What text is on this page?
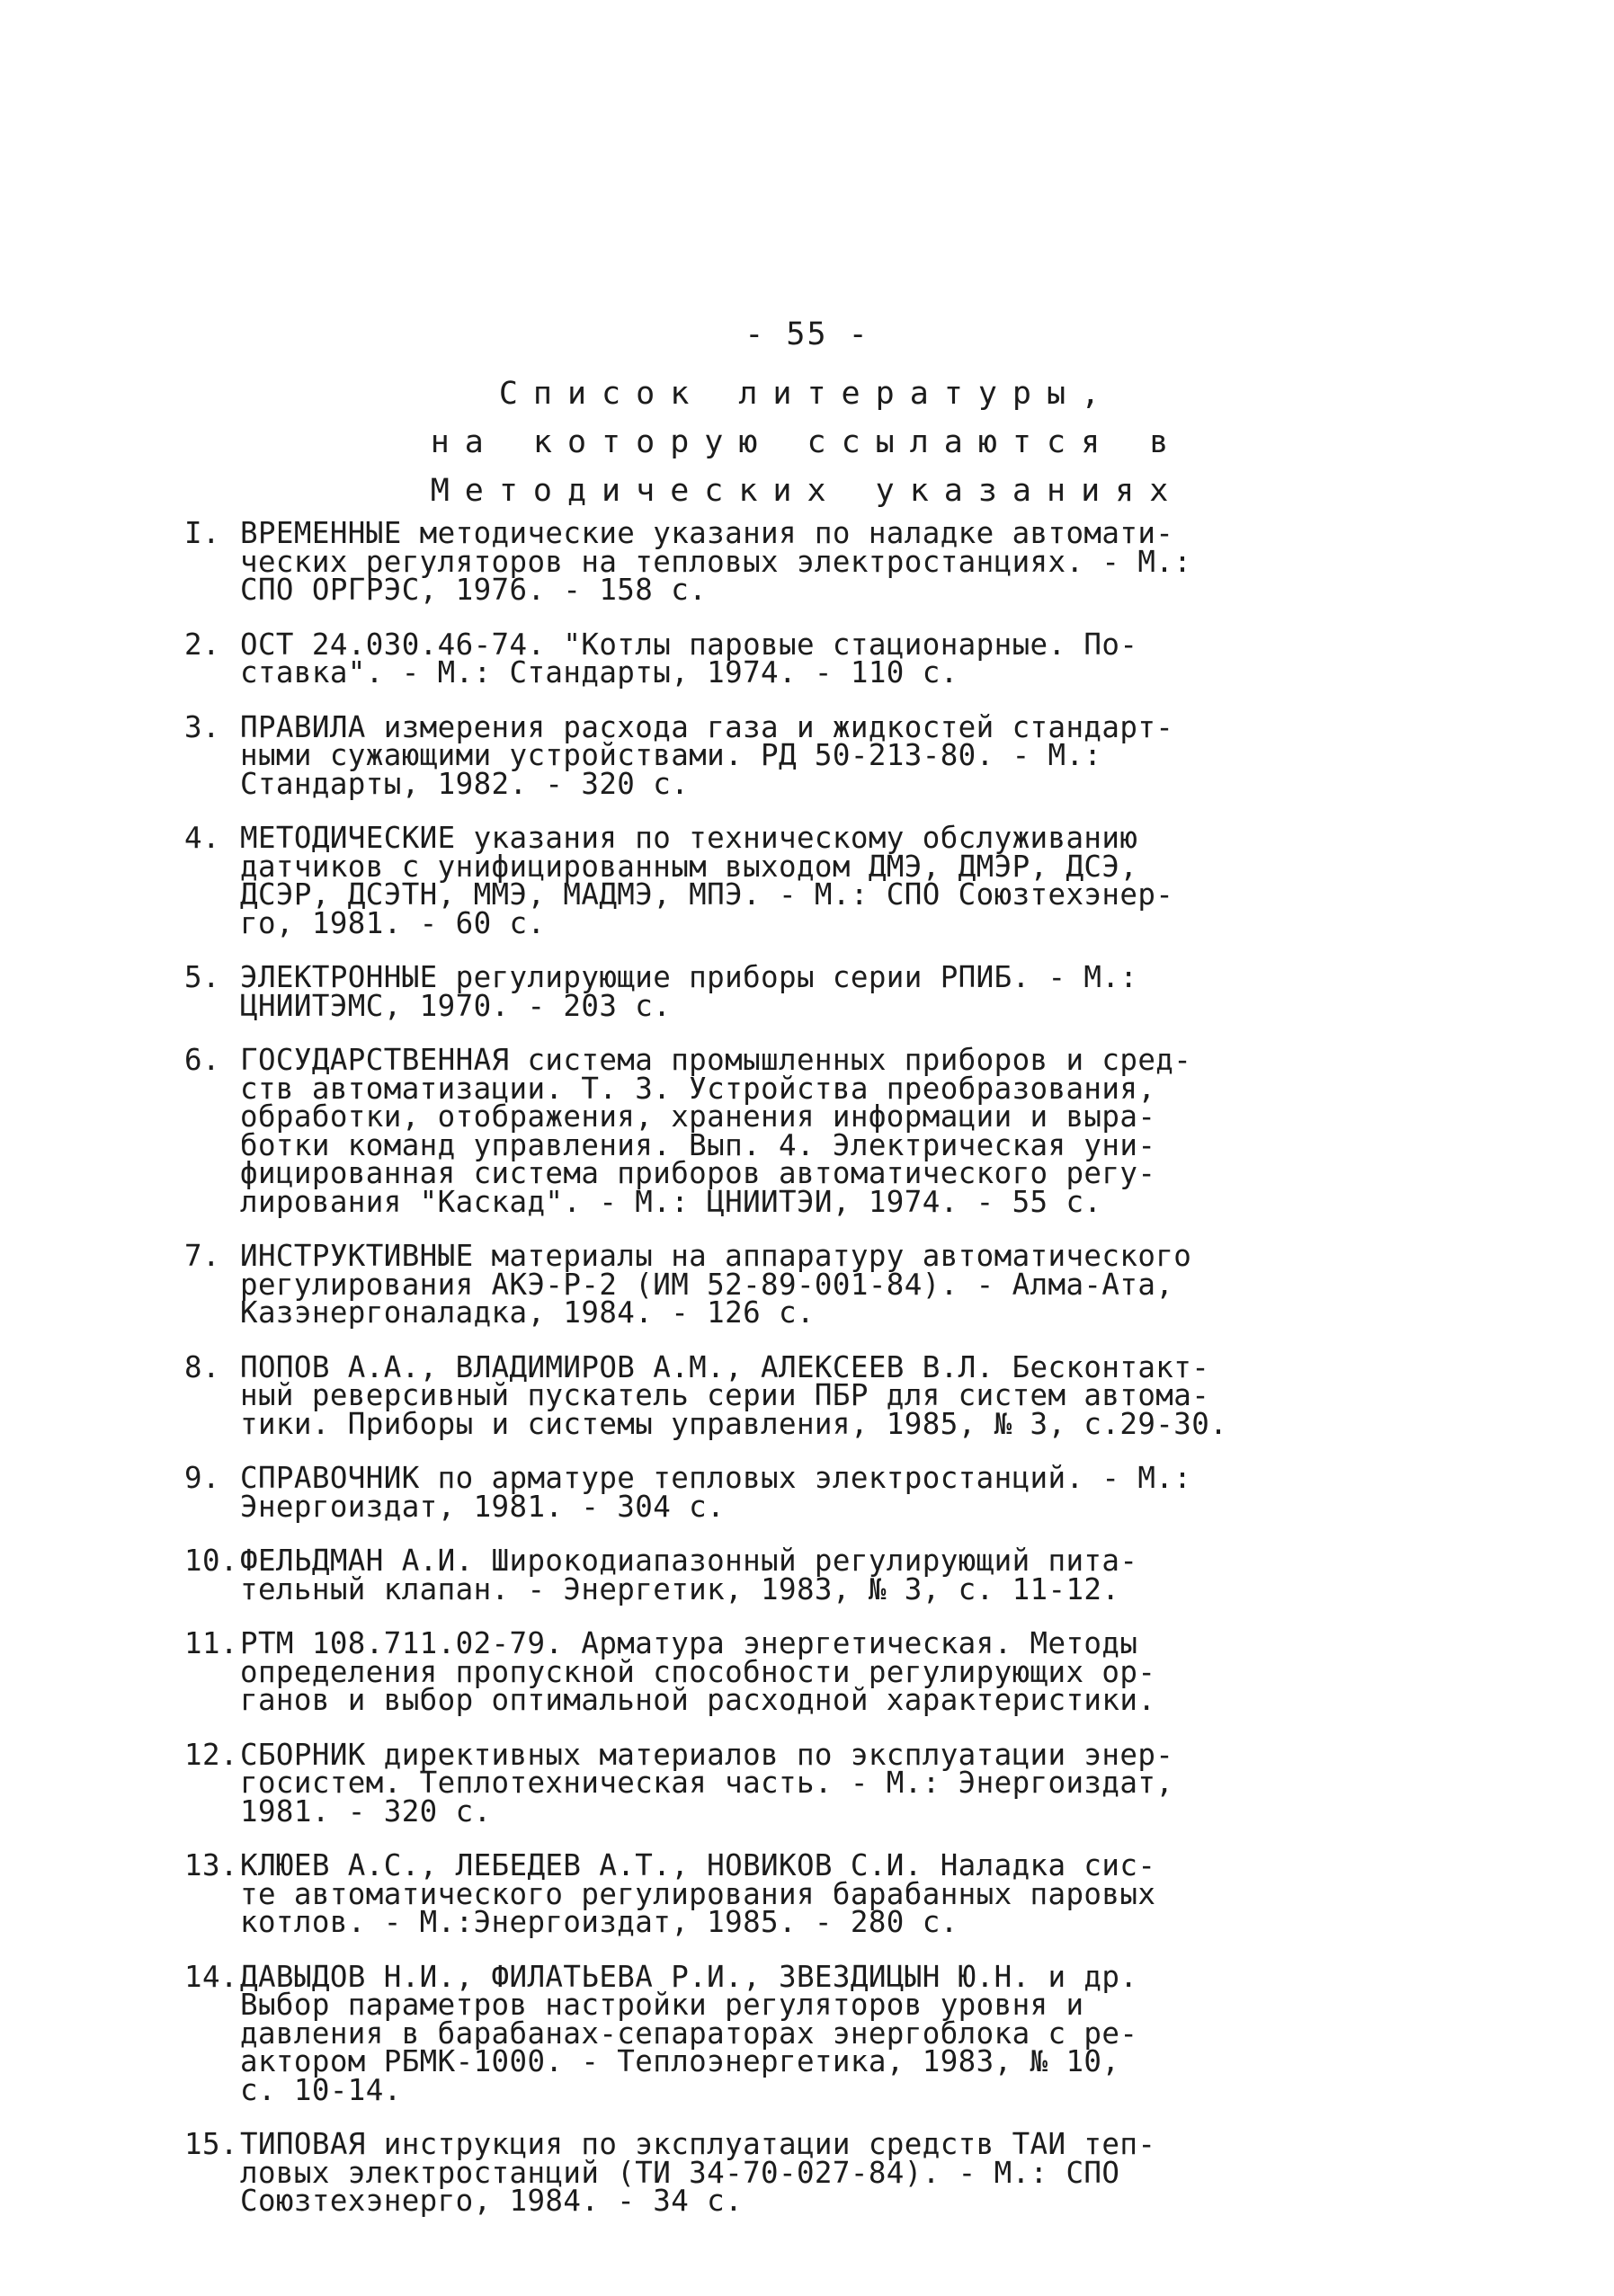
- 55 -
Список литературы,
на которую ссылаются в
Методических указаниях
I. ВРЕМЕННЫЕ методические указания по наладке автомати-
ческих регуляторов на тепловых электростанциях. - М.:
СПО ОРГРЭС, 1976. - 158 с.
2. ОСТ 24.030.46-74. "Котлы паровые стационарные. По-
ставка". - М.: Стандарты, 1974. - 110 с.
3. ПРАВИЛА измерения расхода газа и жидкостей стандарт-
ными сужающими устройствами. РД 50-213-80. - М.:
Стандарты, 1982. - 320 с.
4. МЕТОДИЧЕСКИЕ указания по техническому обслуживанию
датчиков с унифицированным выходом ДМЭ, ДМЭР, ДСЭ,
ДСЭР, ДСЭТН, ММЭ, МАДМЭ, МПЭ. - М.: СПО Союзтехэнер-
го, 1981. - 60 с.
5. ЭЛЕКТРОННЫЕ регулирующие приборы серии РПИБ. - М.:
ЦНИИТЭМС, 1970. - 203 с.
6. ГОСУДАРСТВЕННАЯ система промышленных приборов и сред-
ств автоматизации. Т. 3. Устройства преобразования,
обработки, отображения, хранения информации и выра-
ботки команд управления. Вып. 4. Электрическая уни-
фицированная система приборов автоматического регу-
лирования "Каскад". - М.: ЦНИИТЭИ, 1974. - 55 с.
7. ИНСТРУКТИВНЫЕ материалы на аппаратуру автоматического
регулирования АКЭ-Р-2 (ИМ 52-89-001-84). - Алма-Ата,
Казэнергоналадка, 1984. - 126 с.
8. ПОПОВ А.А., ВЛАДИМИРОВ А.М., АЛЕКСЕЕВ В.Л. Бесконтакт-
ный реверсивный пускатель серии ПБР для систем автома-
тики. Приборы и системы управления, 1985, № 3, с.29-30.
9. СПРАВОЧНИК по арматуре тепловых электростанций. - М.:
Энергоиздат, 1981. - 304 с.
10. ФЕЛЬДМАН А.И. Широкодиапазонный регулирующий пита-
тельный клапан. - Энергетик, 1983, № 3, с. 11-12.
11. РТМ 108.711.02-79. Арматура энергетическая. Методы
определения пропускной способности регулирующих ор-
ганов и выбор оптимальной расходной характеристики.
12. СБОРНИК директивных материалов по эксплуатации энер-
госистем. Теплотехническая часть. - М.: Энергоиздат,
1981. - 320 с.
13. КЛЮЕВ А.С., ЛЕБЕДЕВ А.Т., НОВИКОВ С.И. Наладка сис-
те автоматического регулирования барабанных паровых
котлов. - М.:Энергоиздат, 1985. - 280 с.
14. ДАВЫДОВ Н.И., ФИЛАТЬЕВА Р.И., ЗВЕЗДИЦЫН Ю.Н. и др.
Выбор параметров настройки регуляторов уровня и
давления в барабанах-сепараторах энергоблока с ре-
актором РБМК-1000. - Теплоэнергетика, 1983, № 10,
с. 10-14.
15. ТИПОВАЯ инструкция по эксплуатации средств ТАИ теп-
ловых электростанций (ТИ 34-70-027-84). - М.: СПО
Союзтехэнерго, 1984. - 34 с.
